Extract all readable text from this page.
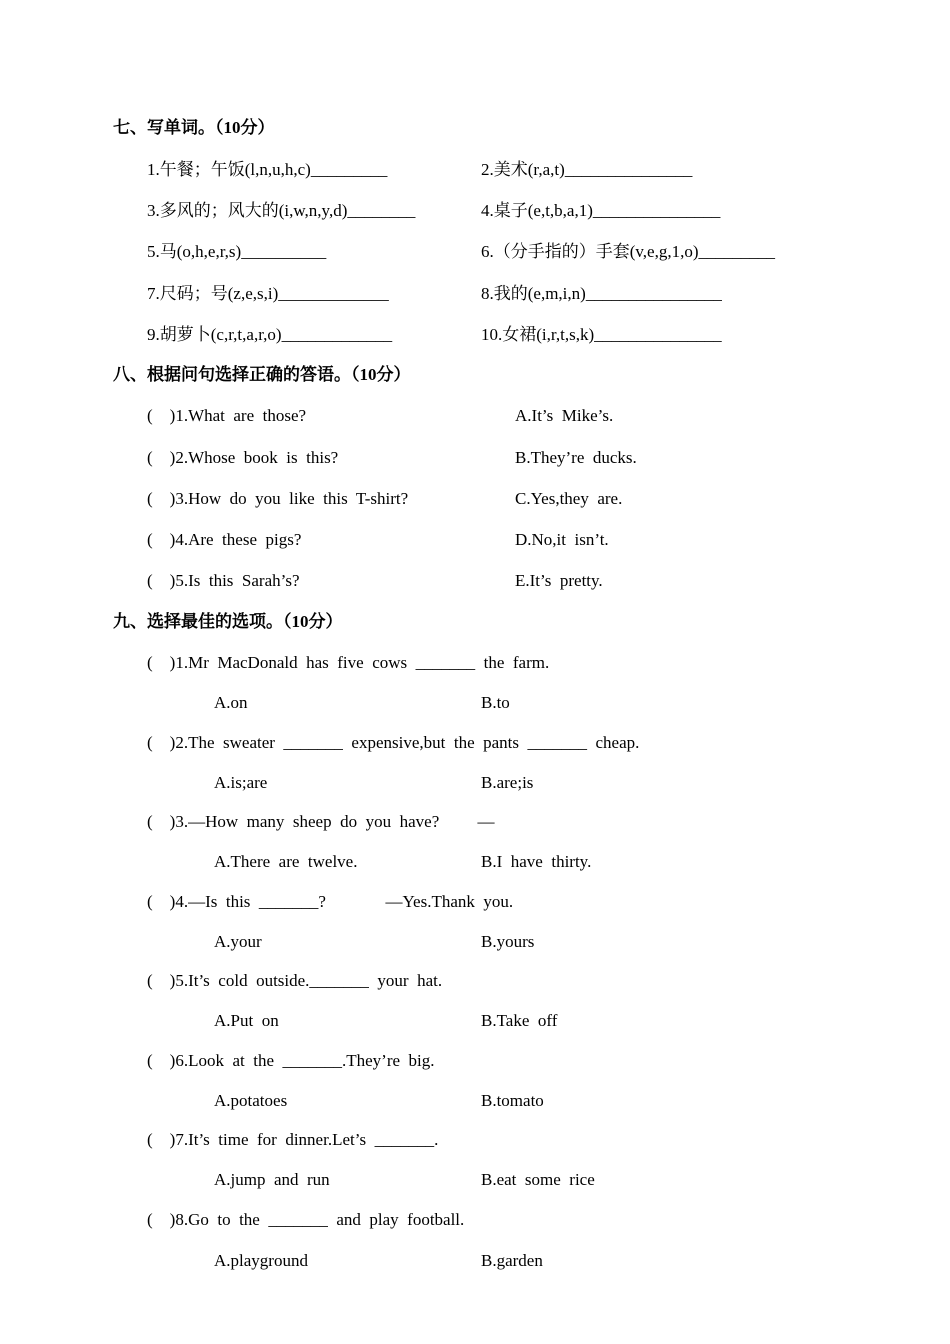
七、写单词。（10分）
1.午餐；午饭(l,n,u,h,c)_________	2.美术(r,a,t)_______________
3.多风的；风大的(i,w,n,y,d)________	4.桌子(e,t,b,a,1)_______________
5.马(o,h,e,r,s)__________	6.（分手指的）手套(v,e,g,1,o)_________
7.尺码；号(z,e,s,i)_____________	8.我的(e,m,i,n)________________
9.胡萝卜(c,r,t,a,r,o)_____________	10.女裙(i,r,t,s,k)_______________
八、根据问句选择正确的答语。（10分）
(    )1.What  are  those?	A.It’s  Mike’s.
(    )2.Whose  book  is  this?	B.They’re  ducks.
(    )3.How  do  you  like  this  T-shirt?	C.Yes,they  are.
(    )4.Are  these  pigs?	D.No,it  isn’t.
(    )5.Is  this  Sarah’s?	E.It’s  pretty.
九、选择最佳的选项。（10分）
(    )1.Mr  MacDonald  has  five  cows  _______  the  farm.
A.on	B.to
(    )2.The  sweater  _______  expensive,but  the  pants  _______  cheap.
A.is;are	B.are;is
(    )3.—How  many  sheep  do  you  have?         —
A.There  are  twelve.	B.I  have  thirty.
(    )4.—Is  this  _______?              —Yes.Thank  you.
A.your	B.yours
(    )5.It’s  cold  outside._______  your  hat.
A.Put  on	B.Take  off
(    )6.Look  at  the  _______.They’re  big.
A.potatoes	B.tomato
(    )7.It’s  time  for  dinner.Let’s  _______.
A.jump  and  run	B.eat  some  rice
(    )8.Go  to  the  _______  and  play  football.
A.playground	B.garden
